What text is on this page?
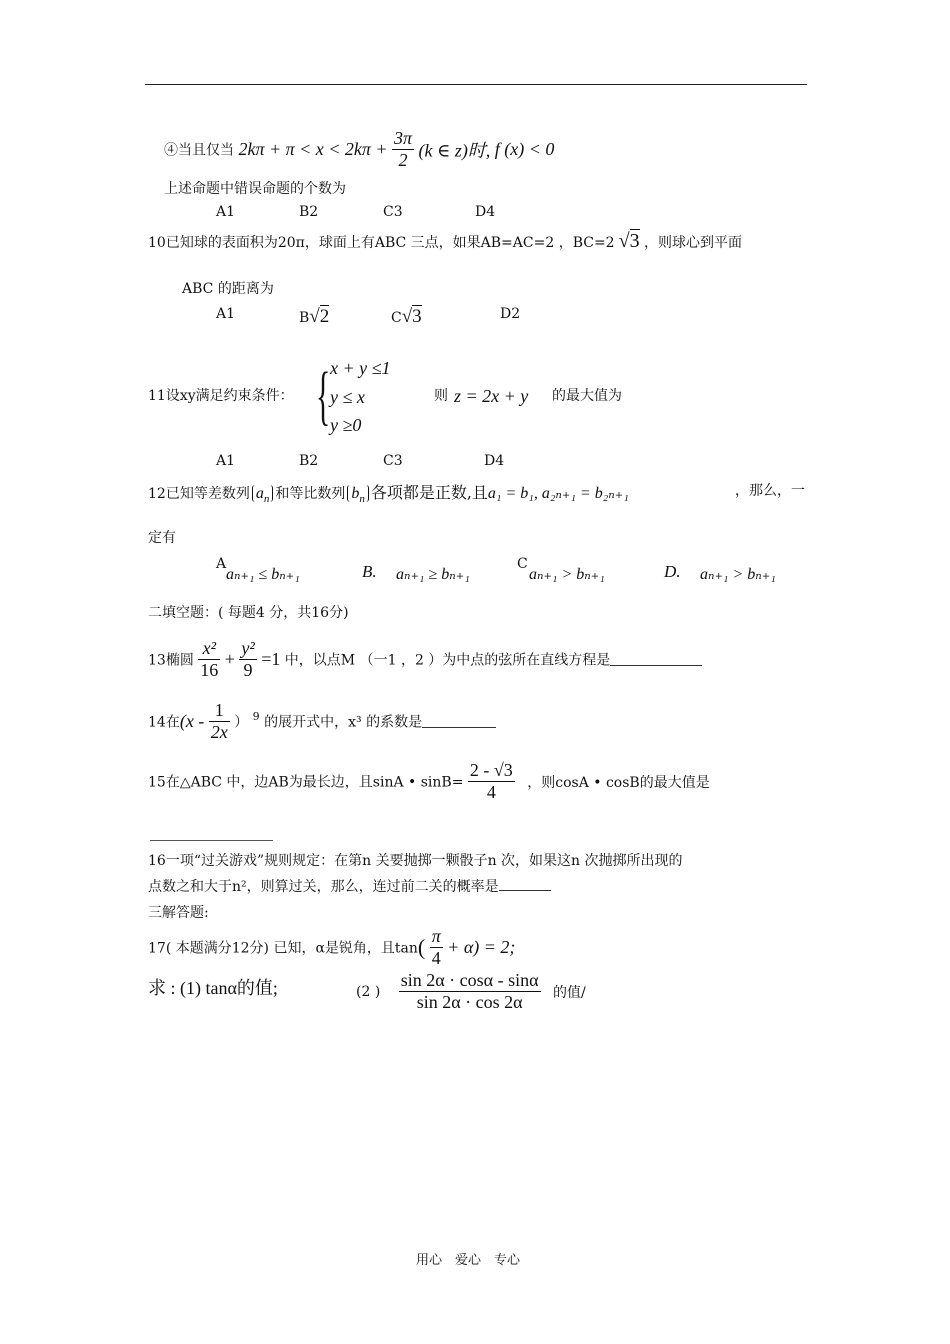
④当且仅当 $2k\pi + \pi < x < 2k\pi + \frac{3\pi}{2} (k$ ∈ z)时, f (x) < 0
上述命题中错误命题的个数为
A1	B2	C3	D4
10已知球的表面积为20π，球面上有ABC 三点，如果AB=AC=2 ，BC=2 √3 ，则球心到平面
ABC 的距离为
A1	B√2	C√3	D2
11设xy满足约束条件： { x + y ≤1
y ≤ x
y ≥0
则 z = 2x + y 的最大值为
A1	B2	C3	D4
12已知等差数列 $a_n$ 和等比数列 $b_n$ 各项都是正数,且a₁ = b₁, a₂ₙ₊₁ = b₂ₙ₊₁	，那么，一
定有
A
aₙ₊₁ ≤ bₙ₊₁	B. aₙ₊₁ ≥ bₙ₊₁
C
aₙ₊₁ > bₙ₊₁	D. aₙ₊₁ > bₙ₊₁
二填空题：( 每题4 分，共16分)
13椭圆 $\frac{\text{x²}}{16} + \frac{\text{y²}}{9} =1$ 中，以点M （一1 ，2 ）为中点的弦所在直线方程是
14在($x - \frac{1}{2x}$ ） $^9$ 的展开式中，x³ 的系数是
15在△ABC 中，边AB为最长边，且sinA • $\sin B= \frac{2 - √3}{4}$ ，则cosA • cosB的最大值是
16一项“过关游戏”规则规定：在第n 关要抛掷一颗骰子n 次，如果这n 次抛掷所出现的
点数之和大于n²，则算过关，那么，连过前二关的概率是
三解答题:
17( 本题满分12分) 已知，α是锐角，且$\tan( \frac{\pi}{4} + \alpha) = 2$;
求 : (1) tanα的值;	(2 ) $\frac{\sin 2\alpha \cdot \cos\alpha - \sin\alpha}{\sin 2\alpha \cdot \cos 2\alpha}$ 的值/
用心　爱心　专心
